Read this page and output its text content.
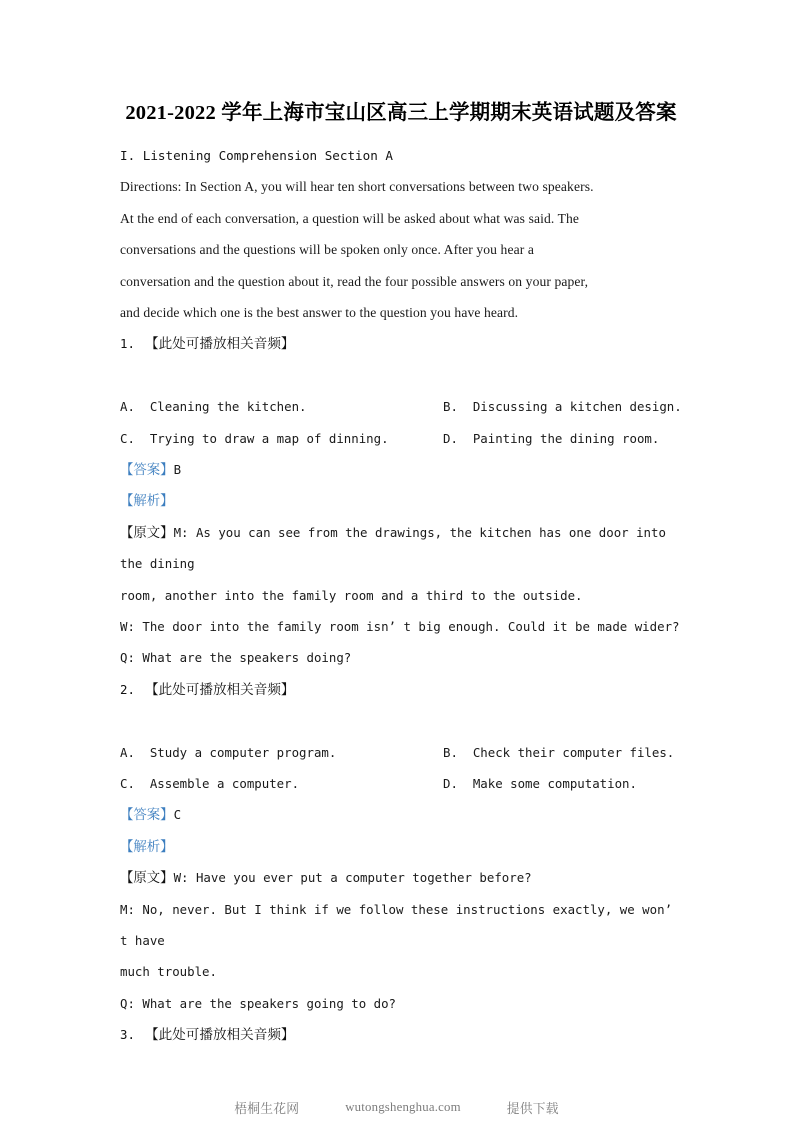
2021-2022 学年上海市宝山区高三上学期期末英语试题及答案
I. Listening Comprehension Section A

Directions: In Section A, you will hear ten short conversations between two speakers.

At the end of each conversation, a question will be asked about what was said. The

conversations and the questions will be spoken only once. After you hear a

conversation and the question about it, read the four possible answers on your paper,

and decide which one is the best answer to the question you have heard.

1. 【此处可播放相关音频】
A. Cleaning the kitchen.	B. Discussing a kitchen design.
C. Trying to draw a map of dinning.	D. Painting the dining room.
【答案】B
【解析】
【原文】M: As you can see from the drawings, the kitchen has one door into the dining
room, another into the family room and a third to the outside.
W: The door into the family room isn’ t big enough. Could it be made wider?
Q: What are the speakers doing?
2. 【此处可播放相关音频】
A. Study a computer program.	B. Check their computer files.
C. Assemble a computer.	D. Make some computation.
【答案】C
【解析】
【原文】W: Have you ever put a computer together before?
M: No, never. But I think if we follow these instructions exactly, we won’ t have
much trouble.
Q: What are the speakers going to do?
3. 【此处可播放相关音频】
梧桐生花网	wutongshenghua.com	提供下载
